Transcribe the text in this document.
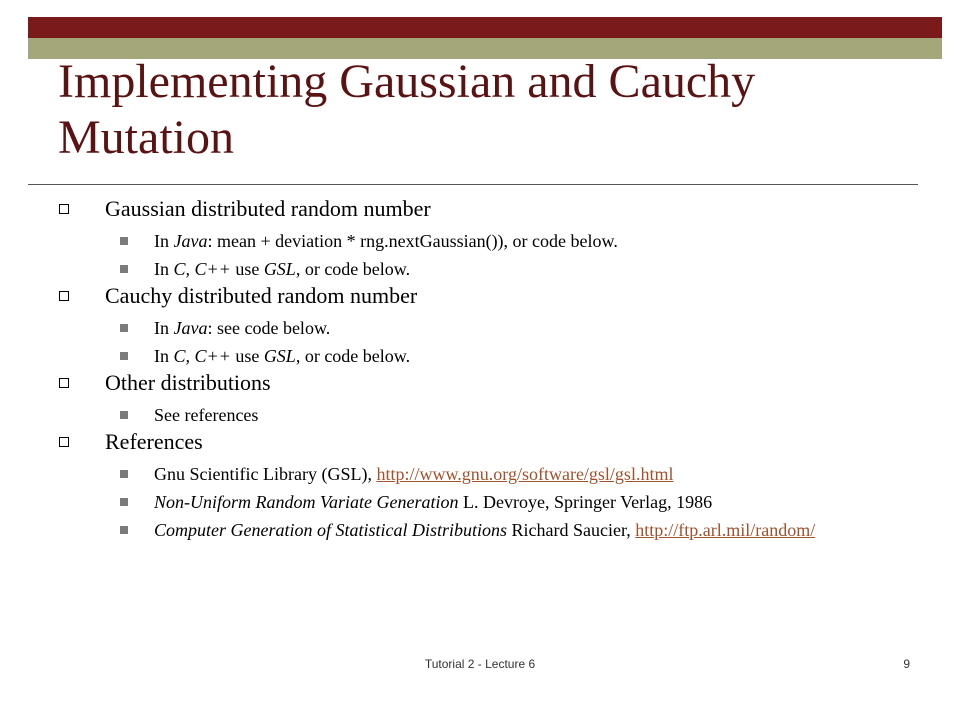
Implementing Gaussian and Cauchy Mutation
Gaussian distributed random number
In Java: mean + deviation * rng.nextGaussian()), or code below.
In C, C++ use GSL, or code below.
Cauchy distributed random number
In Java: see code below.
In C, C++ use GSL, or code below.
Other distributions
See references
References
Gnu Scientific Library (GSL), http://www.gnu.org/software/gsl/gsl.html
Non-Uniform Random Variate Generation L. Devroye, Springer Verlag, 1986
Computer Generation of Statistical Distributions Richard Saucier, http://ftp.arl.mil/random/
Tutorial 2 - Lecture 6	9
